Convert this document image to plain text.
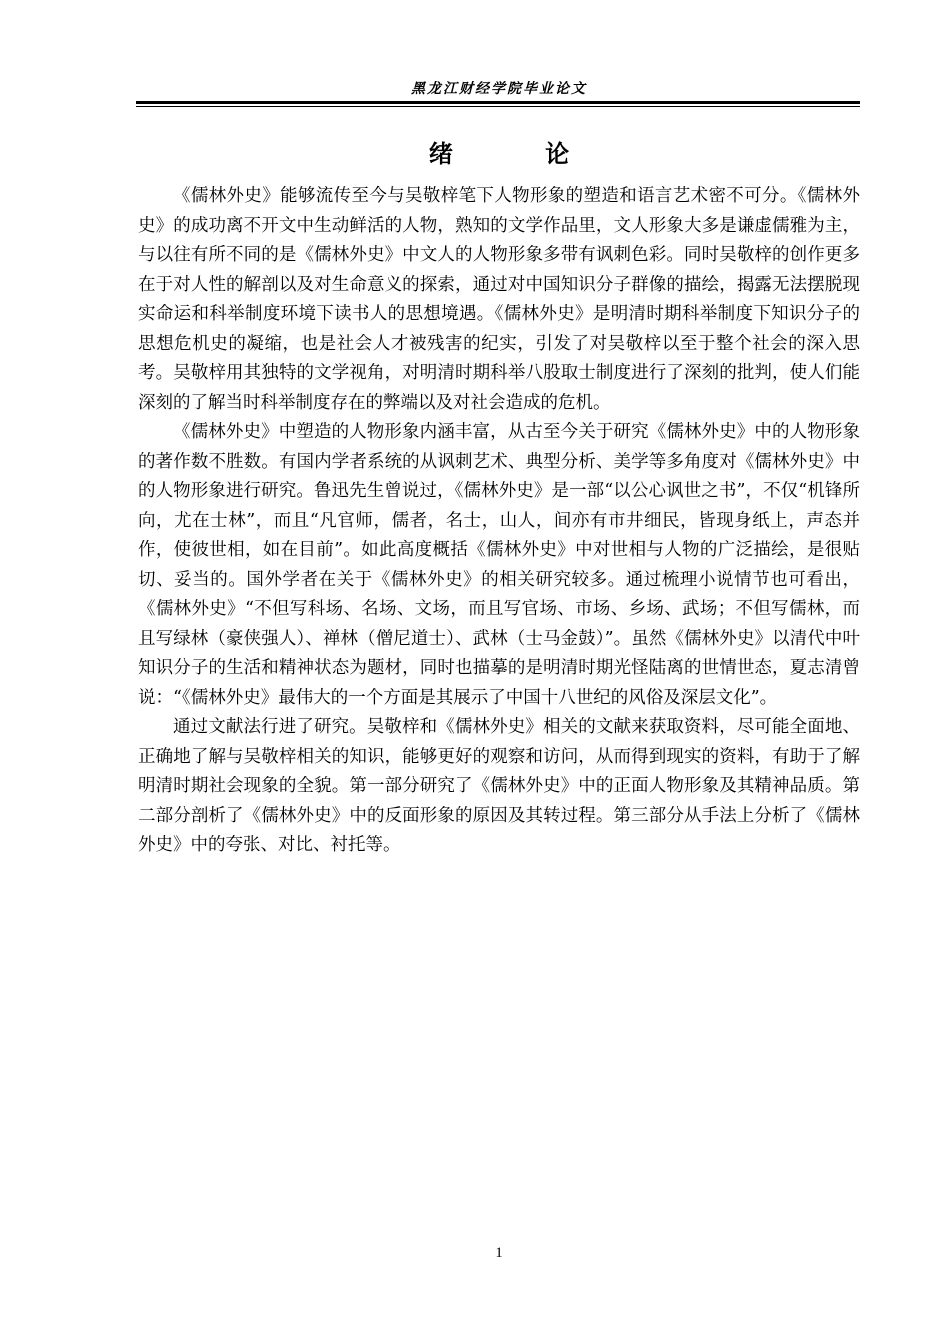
黑龙江财经学院毕业论文
绪 论

《儒林外史》能够流传至今与吴敬梓笔下人物形象的塑造和语言艺术密不可分。《儒林外史》的成功离不开文中生动鲜活的人物，熟知的文学作品里，文人形象大多是谦虚儒雅为主，与以往有所不同的是《儒林外史》中文人的人物形象多带有讽刺色彩。同时吴敬梓的创作更多在于对人性的解剖以及对生命意义的探索，通过对中国知识分子群像的描绘，揭露无法摆脱现实命运和科举制度环境下读书人的思想境遇。《儒林外史》是明清时期科举制度下知识分子的思想危机史的凝缩，也是社会人才被残害的纪实，引发了对吴敬梓以至于整个社会的深入思考。吴敬梓用其独特的文学视角，对明清时期科举八股取士制度进行了深刻的批判，使人们能深刻的了解当时科举制度存在的弊端以及对社会造成的危机。

《儒林外史》中塑造的人物形象内涵丰富，从古至今关于研究《儒林外史》中的人物形象的著作数不胜数。有国内学者系统的从讽刺艺术、典型分析、美学等多角度对《儒林外史》中的人物形象进行研究。鲁迅先生曾说过，《儒林外史》是一部“以公心讽世之书”，不仅“机锋所向，尤在士林”，而且“凡官师，儒者，名士，山人，间亦有市井细民，皆现身纸上，声态并作，使彼世相，如在目前”。如此高度概括《儒林外史》中对世相与人物的广泛描绘，是很贴切、妥当的。国外学者在关于《儒林外史》的相关研究较多。通过梳理小说情节也可看出，《儒林外史》“不但写科场、名场、文场，而且写官场、市场、乡场、武场；不但写儒林，而且写绿林（豪侠强人）、禅林（僧尼道士）、武林（士马金鼓）”。虽然《儒林外史》以清代中叶知识分子的生活和精神状态为题材，同时也描摹的是明清时期光怪陆离的世情世态，夏志清曾说：“《儒林外史》最伟大的一个方面是其展示了中国十八世纪的风俗及深层文化”。

通过文献法行进了研究。吴敬梓和《儒林外史》相关的文献来获取资料，尽可能全面地、正确地了解与吴敬梓相关的知识，能够更好的观察和访问，从而得到现实的资料，有助于了解明清时期社会现象的全貌。第一部分研究了《儒林外史》中的正面人物形象及其精神品质。第二部分剖析了《儒林外史》中的反面形象的原因及其转过程。第三部分从手法上分析了《儒林外史》中的夸张、对比、衬托等。

1
